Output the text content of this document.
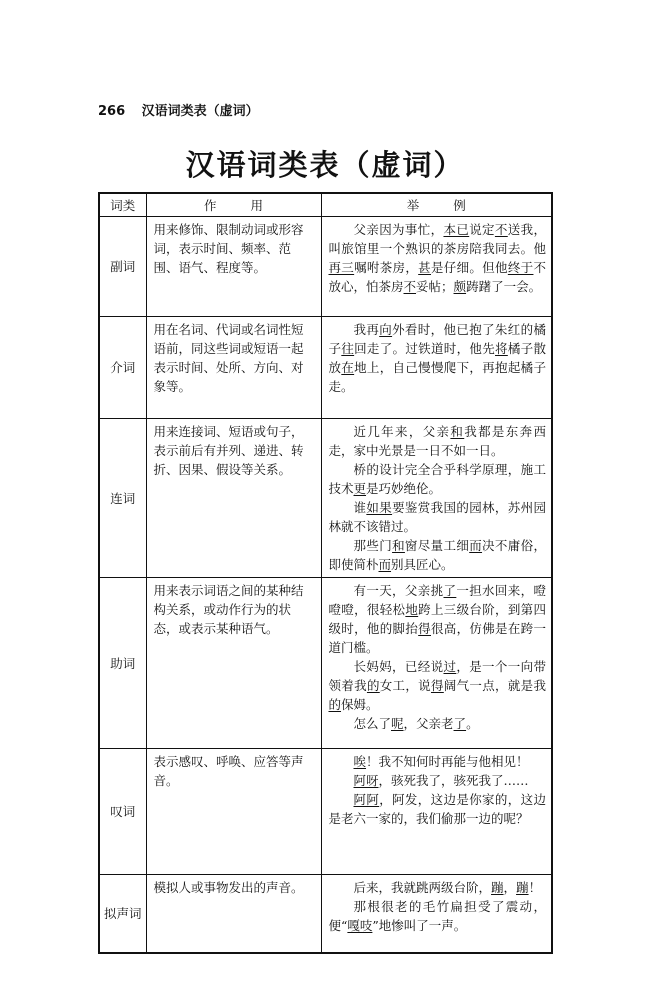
266 汉语词类表（虚词）
汉语词类表（虚词）
词类	作用	举例
副词	用来修饰、限制动词或形容词，表示时间、频率、范围、语气、程度等。	父亲因为事忙，本已说定不送我，叫旅馆里一个熟识的茶房陪我同去。他再三嘱咐茶房，甚是仔细。但他终于不放心，怕茶房不妥帖；颇踌躇了一会。

介词	用在名词、代词或名词性短语前，同这些词或短语一起表示时间、处所、方向、对象等。	我再向外看时，他已抱了朱红的橘子往回走了。过铁道时，他先将橘子散放在地上，自己慢慢爬下，再抱起橘子走。

连词	用来连接词、短语或句子，表示前后有并列、递进、转折、因果、假设等关系。	近几年来，父亲和我都是东奔西走，家中光景是一日不如一日。

桥的设计完全合乎科学原理，施工技术更是巧妙绝伦。

谁如果要鉴赏我国的园林，苏州园林就不该错过。

那些门和窗尽量工细而决不庸俗，即使简朴而别具匠心。

助词	用来表示词语之间的某种结构关系，或动作行为的状态，或表示某种语气。	有一天，父亲挑了一担水回来，噔噔噔，很轻松地跨上三级台阶，到第四级时，他的脚抬得很高，仿佛是在跨一道门槛。

长妈妈，已经说过，是一个一向带领着我的女工，说得阔气一点，就是我的保姆。

怎么了呢，父亲老了。

叹词	表示感叹、呼唤、应答等声音。	唉！我不知何时再能与他相见！

阿呀，骇死我了，骇死我了……

阿阿，阿发，这边是你家的，这边是老六一家的，我们偷那一边的呢？

拟声词	模拟人或事物发出的声音。	后来，我就跳两级台阶，蹦，蹦！

那根很老的毛竹扁担受了震动，便“嘎吱”地惨叫了一声。
